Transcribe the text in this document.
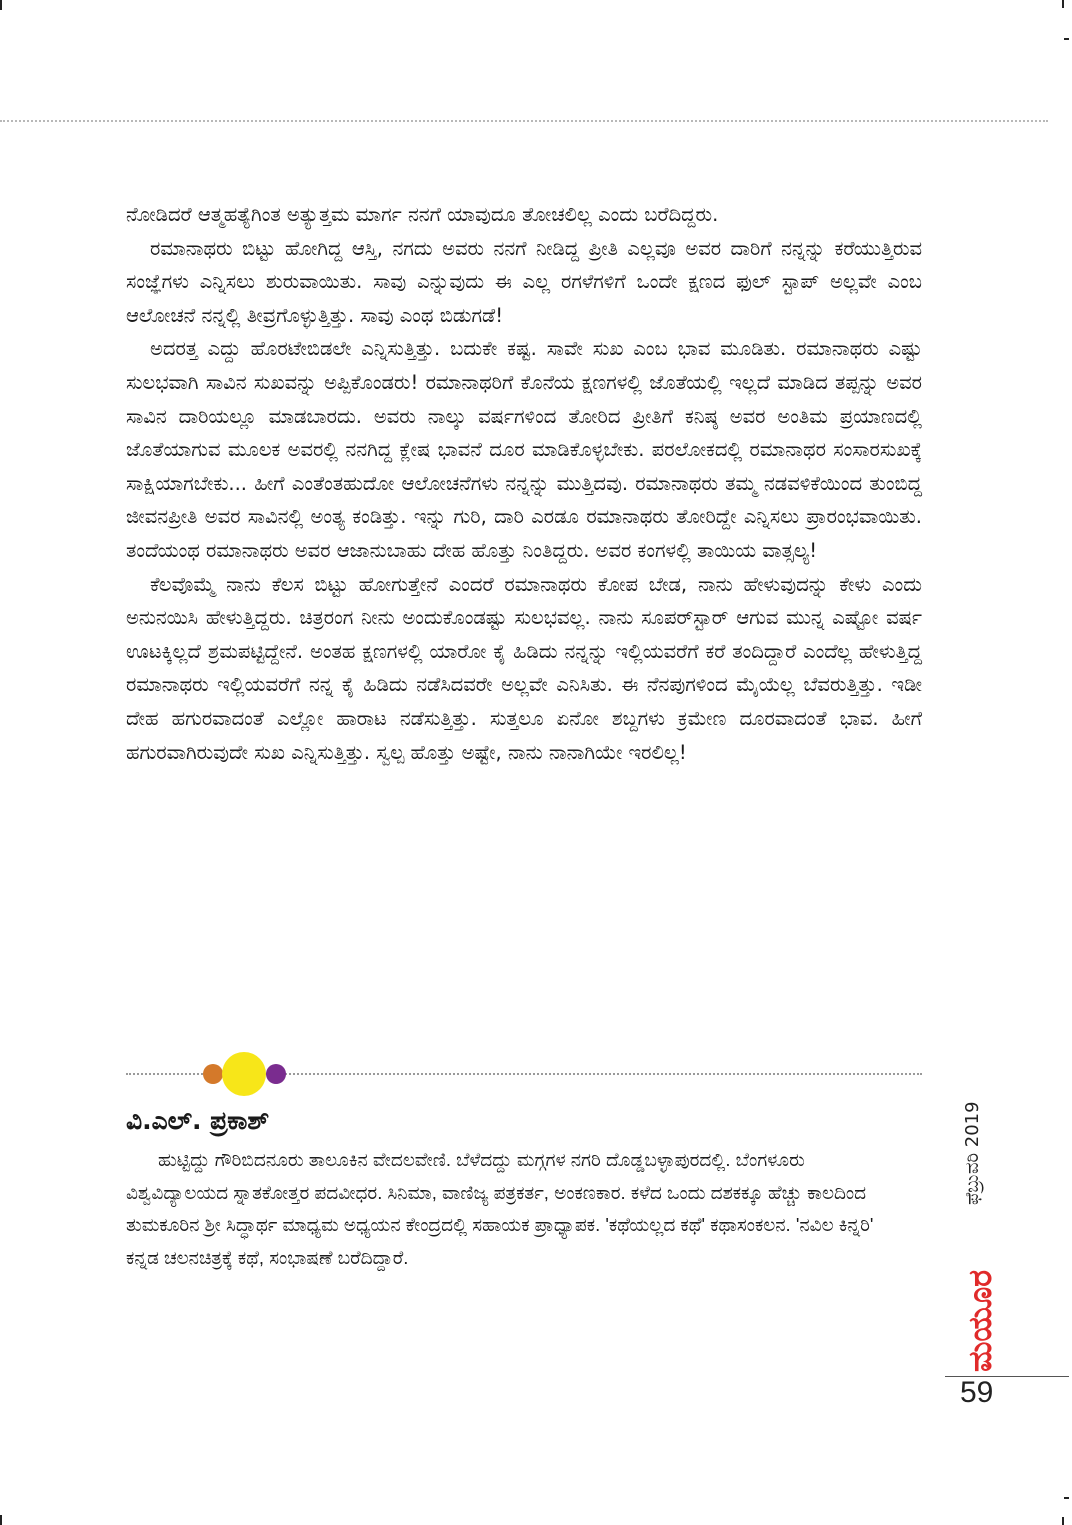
ನೋಡಿದರೆ ಆತ್ಮಹತ್ಯೆಗಿಂತ ಅತ್ಯುತ್ತಮ ಮಾರ್ಗ ನನಗೆ ಯಾವುದೂ ತೋಚಲಿಲ್ಲ ಎಂದು ಬರೆದಿದ್ದರು.

ರಮಾನಾಥರು ಬಿಟ್ಟು ಹೋಗಿದ್ದ ಆಸ್ತಿ, ನಗದು ಅವರು ನನಗೆ ನೀಡಿದ್ದ ಪ್ರೀತಿ ಎಲ್ಲವೂ ಅವರ ದಾರಿಗೆ ನನ್ನನ್ನು ಕರೆಯುತ್ತಿರುವ ಸಂಜ್ಞೆಗಳು ಎನ್ನಿಸಲು ಶುರುವಾಯಿತು. ಸಾವು ಎನ್ನುವುದು ಈ ಎಲ್ಲ ರಗಳೆಗಳಿಗೆ ಒಂದೇ ಕ್ಷಣದ ಫುಲ್ ಸ್ಟಾಪ್ ಅಲ್ಲವೇ ಎಂಬ ಆಲೋಚನೆ ನನ್ನಲ್ಲಿ ತೀವ್ರಗೊಳ್ಳುತ್ತಿತ್ತು. ಸಾವು ಎಂಥ ಬಿಡುಗಡೆ!

ಅದರತ್ತ ಎದ್ದು ಹೊರಟೇಬಿಡಲೇ ಎನ್ನಿಸುತ್ತಿತ್ತು. ಬದುಕೇ ಕಷ್ಟ. ಸಾವೇ ಸುಖ ಎಂಬ ಭಾವ ಮೂಡಿತು. ರಮಾನಾಥರು ಎಷ್ಟು ಸುಲಭವಾಗಿ ಸಾವಿನ ಸುಖವನ್ನು ಅಪ್ಪಿಕೊಂಡರು! ರಮಾನಾಥರಿಗೆ ಕೊನೆಯ ಕ್ಷಣಗಳಲ್ಲಿ ಜೊತೆಯಲ್ಲಿ ಇಲ್ಲದೆ ಮಾಡಿದ ತಪ್ಪನ್ನು ಅವರ ಸಾವಿನ ದಾರಿಯಲ್ಲೂ ಮಾಡಬಾರದು. ಅವರು ನಾಲ್ಕು ವರ್ಷಗಳಿಂದ ತೋರಿದ ಪ್ರೀತಿಗೆ ಕನಿಷ್ಠ ಅವರ ಅಂತಿಮ ಪ್ರಯಾಣದಲ್ಲಿ ಜೊತೆಯಾಗುವ ಮೂಲಕ ಅವರಲ್ಲಿ ನನಗಿದ್ದ ಕ್ಲೇಷ ಭಾವನೆ ದೂರ ಮಾಡಿಕೊಳ್ಳಬೇಕು. ಪರಲೋಕದಲ್ಲಿ ರಮಾನಾಥರ ಸಂಸಾರಸುಖಕ್ಕೆ ಸಾಕ್ಷಿಯಾಗಬೇಕು... ಹೀಗೆ ಎಂತೆಂತಹುದೋ ಆಲೋಚನೆಗಳು ನನ್ನನ್ನು ಮುತ್ತಿದವು. ರಮಾನಾಥರು ತಮ್ಮ ನಡವಳಿಕೆಯಿಂದ ತುಂಬಿದ್ದ ಜೀವನಪ್ರೀತಿ ಅವರ ಸಾವಿನಲ್ಲಿ ಅಂತ್ಯ ಕಂಡಿತ್ತು. ಇನ್ನು ಗುರಿ, ದಾರಿ ಎರಡೂ ರಮಾನಾಥರು ತೋರಿದ್ದೇ ಎನ್ನಿಸಲು ಪ್ರಾರಂಭವಾಯಿತು. ತಂದೆಯಂಥ ರಮಾನಾಥರು ಅವರ ಆಜಾನುಬಾಹು ದೇಹ ಹೊತ್ತು ನಿಂತಿದ್ದರು. ಅವರ ಕಂಗಳಲ್ಲಿ ತಾಯಿಯ ವಾತ್ಸಲ್ಯ!

ಕೆಲವೊಮ್ಮೆ ನಾನು ಕೆಲಸ ಬಿಟ್ಟು ಹೋಗುತ್ತೇನೆ ಎಂದರೆ ರಮಾನಾಥರು ಕೋಪ ಬೇಡ, ನಾನು ಹೇಳುವುದನ್ನು ಕೇಳು ಎಂದು ಅನುನಯಿಸಿ ಹೇಳುತ್ತಿದ್ದರು. ಚಿತ್ರರಂಗ ನೀನು ಅಂದುಕೊಂಡಷ್ಟು ಸುಲಭವಲ್ಲ. ನಾನು ಸೂಪರ್‌ಸ್ಟಾರ್ ಆಗುವ ಮುನ್ನ ಎಷ್ಟೋ ವರ್ಷ ಊಟಕ್ಕಿಲ್ಲದೆ ಶ್ರಮಪಟ್ಟಿದ್ದೇನೆ. ಅಂತಹ ಕ್ಷಣಗಳಲ್ಲಿ ಯಾರೋ ಕೈ ಹಿಡಿದು ನನ್ನನ್ನು ಇಲ್ಲಿಯವರೆಗೆ ಕರೆ ತಂದಿದ್ದಾರೆ ಎಂದೆಲ್ಲ ಹೇಳುತ್ತಿದ್ದ ರಮಾನಾಥರು ಇಲ್ಲಿಯವರೆಗೆ ನನ್ನ ಕೈ ಹಿಡಿದು ನಡೆಸಿದವರೇ ಅಲ್ಲವೇ ಎನಿಸಿತು. ಈ ನೆನಪುಗಳಿಂದ ಮೈಯೆಲ್ಲ ಬೆವರುತ್ತಿತ್ತು. ಇಡೀ ದೇಹ ಹಗುರವಾದಂತೆ ಎಲ್ಲೋ ಹಾರಾಟ ನಡೆಸುತ್ತಿತ್ತು. ಸುತ್ತಲೂ ಏನೋ ಶಬ್ದಗಳು ಕ್ರಮೇಣ ದೂರವಾದಂತೆ ಭಾವ. ಹೀಗೆ ಹಗುರವಾಗಿರುವುದೇ ಸುಖ ಎನ್ನಿಸುತ್ತಿತ್ತು. ಸ್ವಲ್ಪ ಹೊತ್ತು ಅಷ್ಟೇ, ನಾನು ನಾನಾಗಿಯೇ ಇರಲಿಲ್ಲ!

ವಿ.ಎಲ್. ಪ್ರಕಾಶ್

ಹುಟ್ಟಿದ್ದು ಗೌರಿಬಿದನೂರು ತಾಲೂಕಿನ ವೇದಲವೇಣಿ. ಬೆಳೆದದ್ದು ಮಗ್ಗಗಳ ನಗರಿ ದೊಡ್ಡಬಳ್ಳಾಪುರದಲ್ಲಿ. ಬೆಂಗಳೂರು ವಿಶ್ವವಿದ್ಯಾಲಯದ ಸ್ನಾತಕೋತ್ತರ ಪದವೀಧರ. ಸಿನಿಮಾ, ವಾಣಿಜ್ಯ ಪತ್ರಕರ್ತ, ಅಂಕಣಕಾರ. ಕಳೆದ ಒಂದು ದಶಕಕ್ಕೂ ಹೆಚ್ಚು ಕಾಲದಿಂದ ತುಮಕೂರಿನ ಶ್ರೀ ಸಿದ್ಧಾರ್ಥ ಮಾಧ್ಯಮ ಅಧ್ಯಯನ ಕೇಂದ್ರದಲ್ಲಿ ಸಹಾಯಕ ಪ್ರಾಧ್ಯಾಪಕ. 'ಕಥೆಯಲ್ಲದ ಕಥೆ' ಕಥಾಸಂಕಲನ. 'ನವಿಲ ಕಿನ್ನರಿ' ಕನ್ನಡ ಚಲನಚಿತ್ರಕ್ಕೆ ಕಥೆ, ಸಂಭಾಷಣೆ ಬರೆದಿದ್ದಾರೆ.

ಫೆಬ್ರುವರಿ 2019
ಮಯೂರ
59
